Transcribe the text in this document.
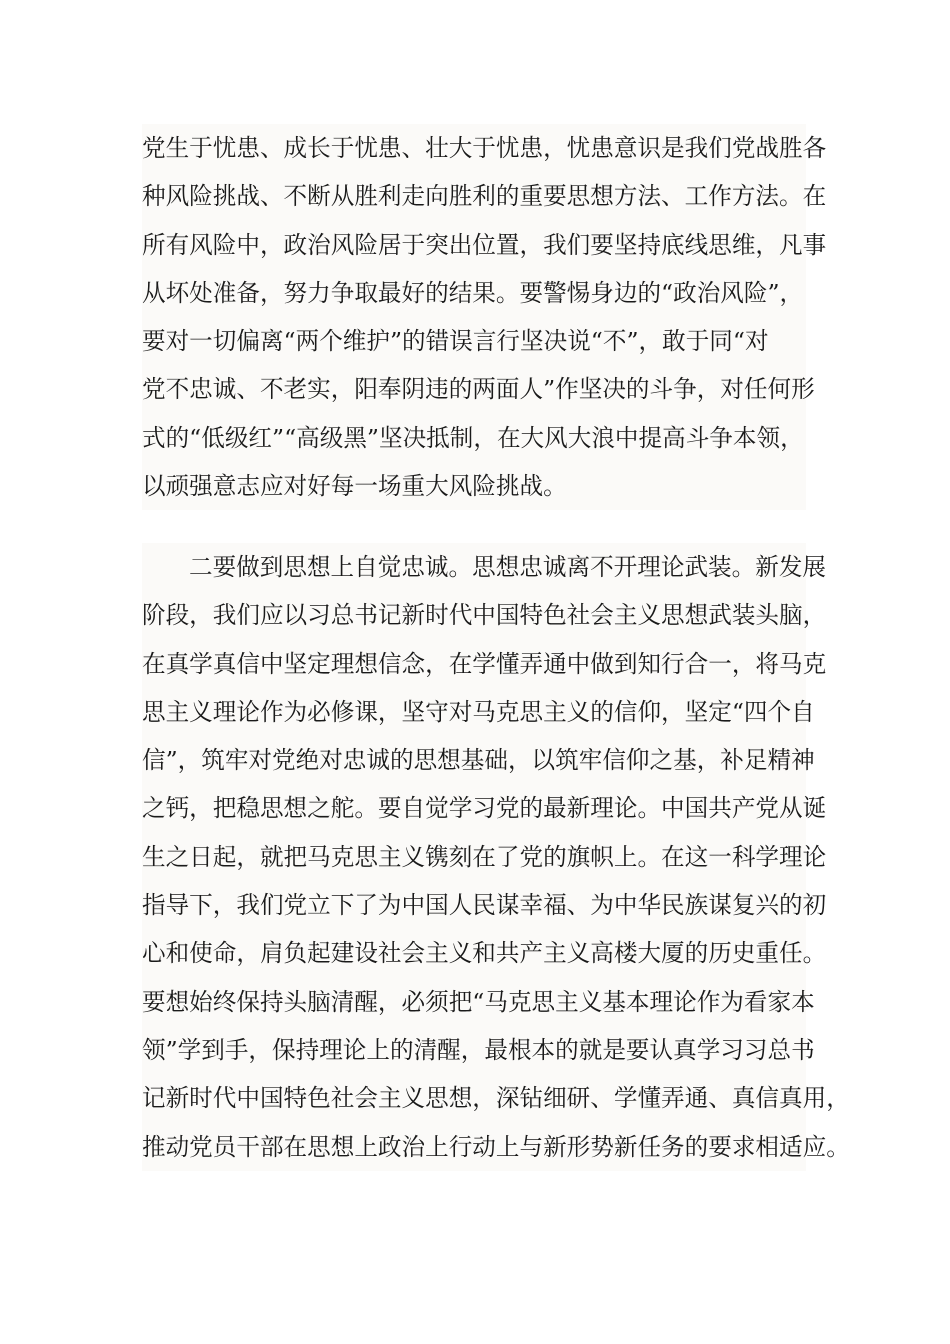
党生于忧患、成长于忧患、壮大于忧患，忧患意识是我们党战胜各
种风险挑战、不断从胜利走向胜利的重要思想方法、工作方法。在
所有风险中，政治风险居于突出位置，我们要坚持底线思维，凡事
从坏处准备，努力争取最好的结果。要警惕身边的“政治风险”，
要对一切偏离“两个维护”的错误言行坚决说“不”，敢于同“对
党不忠诚、不老实，阳奉阴违的两面人”作坚决的斗争，对任何形
式的“低级红”“高级黑”坚决抵制，在大风大浪中提高斗争本领，
以顽强意志应对好每一场重大风险挑战。
二要做到思想上自觉忠诚。思想忠诚离不开理论武装。新发展
阶段，我们应以习总书记新时代中国特色社会主义思想武装头脑，
在真学真信中坚定理想信念，在学懂弄通中做到知行合一，将马克
思主义理论作为必修课，坚守对马克思主义的信仰，坚定“四个自
信”，筑牢对党绝对忠诚的思想基础，以筑牢信仰之基，补足精神
之钙，把稳思想之舵。要自觉学习党的最新理论。中国共产党从诞
生之日起，就把马克思主义镌刻在了党的旗帜上。在这一科学理论
指导下，我们党立下了为中国人民谋幸福、为中华民族谋复兴的初
心和使命，肩负起建设社会主义和共产主义高楼大厦的历史重任。
要想始终保持头脑清醒，必须把“马克思主义基本理论作为看家本
领”学到手，保持理论上的清醒，最根本的就是要认真学习习总书
记新时代中国特色社会主义思想，深钻细研、学懂弄通、真信真用，
推动党员干部在思想上政治上行动上与新形势新任务的要求相适应。
